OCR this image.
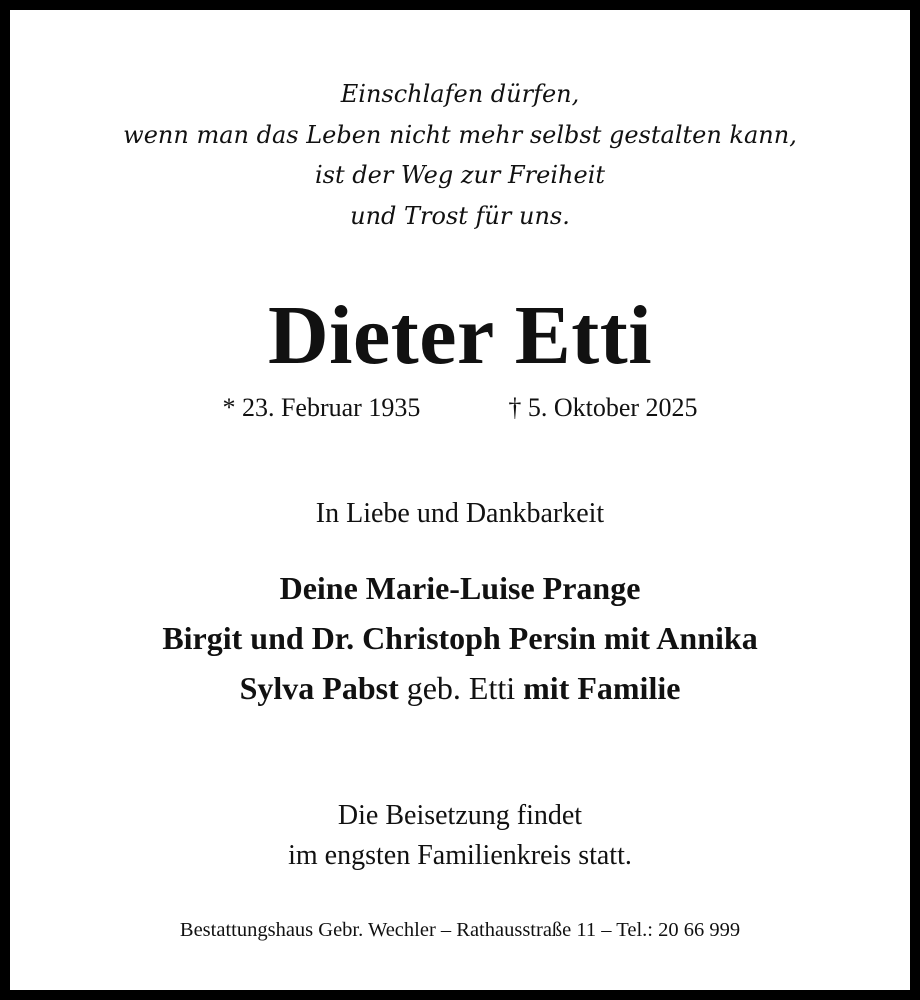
Einschlafen dürfen,
wenn man das Leben nicht mehr selbst gestalten kann,
ist der Weg zur Freiheit
und Trost für uns.
Dieter Etti
* 23. Februar 1935	† 5. Oktober 2025
In Liebe und Dankbarkeit
Deine Marie-Luise Prange
Birgit und Dr. Christoph Persin mit Annika
Sylva Pabst geb. Etti mit Familie
Die Beisetzung findet
im engsten Familienkreis statt.
Bestattungshaus Gebr. Wechler – Rathausstraße 11 – Tel.: 20 66 999
